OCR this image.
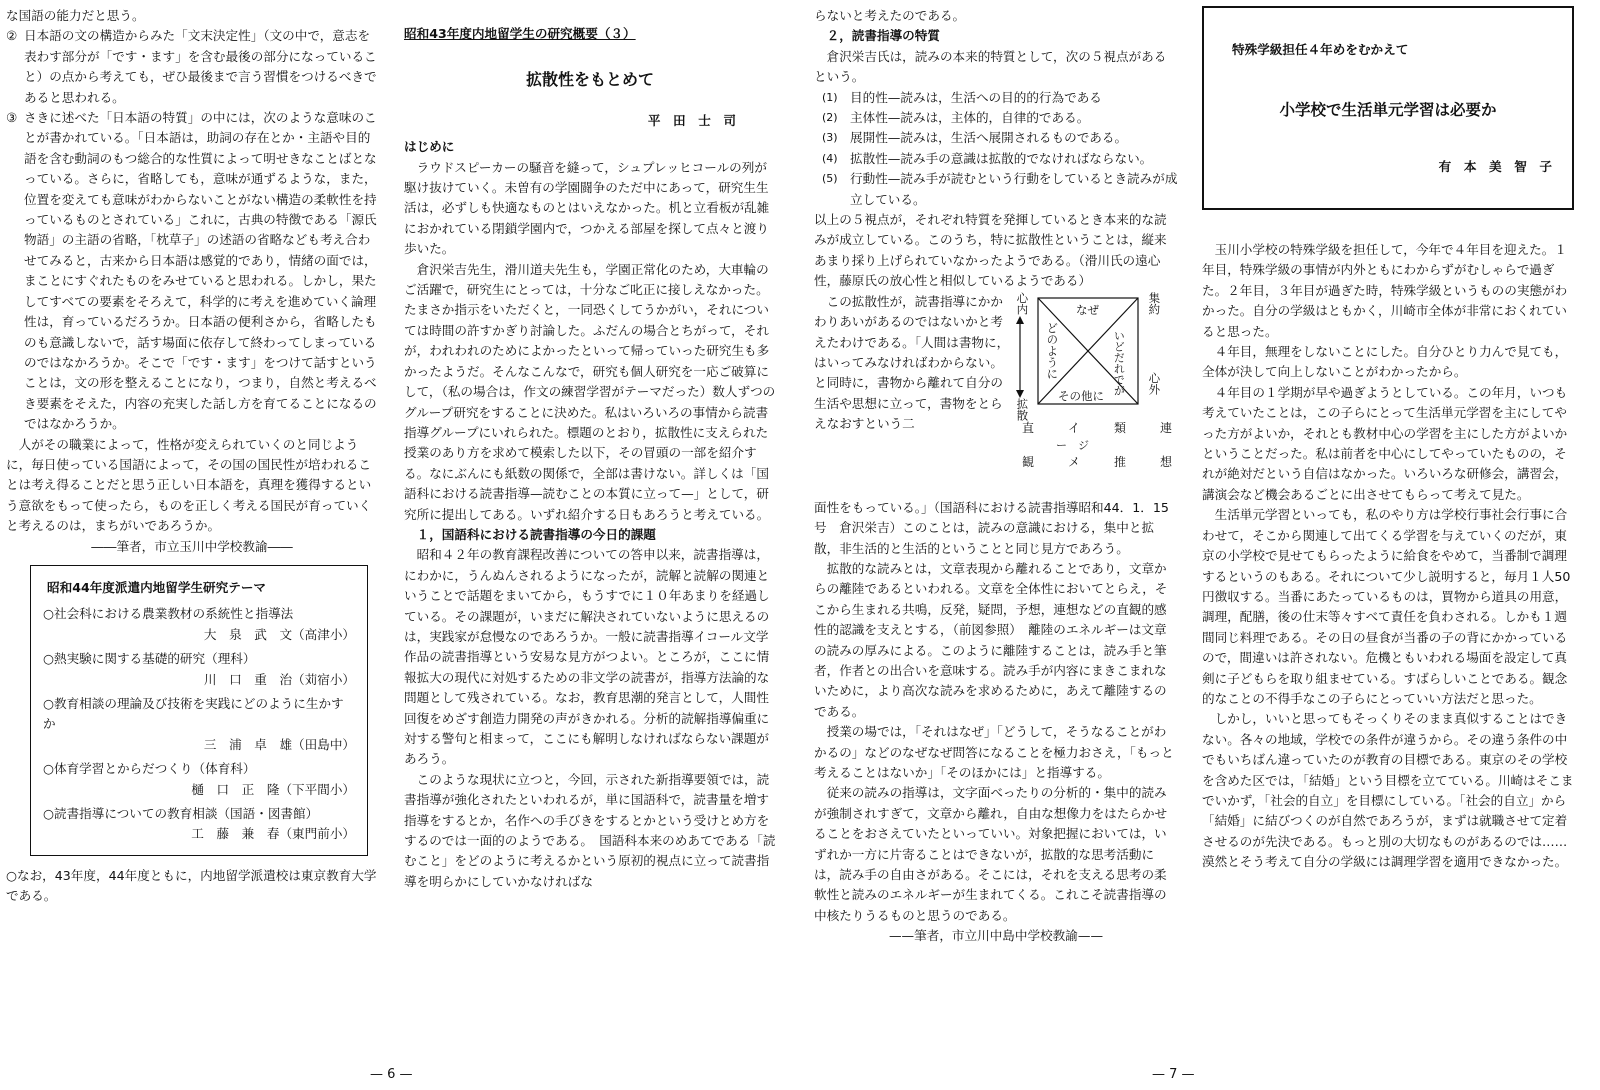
な国語の能力だと思う。

② 日本語の文の構造からみた「文末決定性」（文の中で，意志を表わす部分が「です・ます」を含む最後の部分になっていること）の点から考えても，ぜひ最後まで言う習慣をつけるべきであると思われる。
③ さきに述べた「日本語の特質」の中には，次のような意味のことが書かれている。「日本語は，助詞の存在とか・主語や目的語を含む動詞のもつ総合的な性質によって明せきなことばとなっている。さらに，省略しても，意味が通ずるような，また，位置を変えても意味がわからないことがない構造の柔軟性を持っているものとされている」これに，古典の特徴である「源氏物語」の主語の省略，「枕草子」の述語の省略なども考え合わせてみると，古来から日本語は感覚的であり，情緒の面では，まことにすぐれたものをみせていると思われる。しかし，果たしてすべての要素をそろえて，科学的に考えを進めていく論理性は，育っているだろうか。日本語の便利さから，省略したものも意識しないで，話す場面に依存して終わってしまっているのではなかろうか。そこで「です・ます」をつけて話すということは，文の形を整えることになり，つまり，自然と考えるべき要素をそえた，内容の充実した話し方を育てることになるのではなかろうか。

人がその職業によって，性格が変えられていくのと同じように，毎日使っている国語によって，その国の国民性が培われることは考え得ることだと思う正しい日本語を，真理を獲得するという意欲をもって使ったら，ものを正しく考える国民が育っていくと考えるのは，まちがいであろうか。

――筆者，市立玉川中学校教諭――

昭和44年度派遣内地留学生研究テーマ

○社会科における農業教材の系統性と指導法

大　泉　武　文（高津小）

○熱実験に関する基礎的研究（理科）

川　口　重　治（苅宿小）

○教育相談の理論及び技術を実践にどのように生かすか

三　浦　卓　雄（田島中）

○体育学習とからだつくり（体育科）

樋　口　正　隆（下平間小）

○読書指導についての教育相談（国語・図書館）

工　藤　兼　春（東門前小）

○なお，43年度，44年度ともに，内地留学派遣校は東京教育大学である。

昭和43年度内地留学生の研究概要（３）

拡散性をもとめて

平　田　士　司

はじめに

ラウドスピーカーの騒音を縫って，シュプレッヒコールの列が駆け抜けていく。未曽有の学園闘争のただ中にあって，研究生生活は，必ずしも快適なものとはいえなかった。机と立看板が乱雑におかれている閉鎖学園内で，つかえる部屋を探して点々と渡り歩いた。

倉沢栄吉先生，滑川道夫先生も，学園正常化のため，大車輪のご活躍で，研究生にとっては，十分なご叱正に接しえなかった。たまさか指示をいただくと，一同恐くしてうかがい，それについては時間の許すかぎり討論した。ふだんの場合とちがって，それが，われわれのためによかったといって帰っていった研究生も多かったようだ。そんなこんなで，研究も個人研究を一応ご破算にして，（私の場合は，作文の練習学習がテーマだった）数人ずつのグループ研究をすることに決めた。私はいろいろの事情から読書指導グループにいれられた。標題のとおり，拡散性に支えられた授業のあり方を求めて模索した以下，その冒頭の一部を紹介する。なにぶんにも紙数の関係で，全部は書けない。詳しくは「国語科における読書指導—読むことの本質に立って—」として，研究所に提出してある。いずれ紹介する日もあろうと考えている。

１，国語科における読書指導の今日的課題

昭和４２年の教育課程改善についての答申以来，読書指導は，にわかに，うんぬんされるようになったが，読解と読解の関連ということで話題をまいてから，もうすでに１０年あまりを経過している。その課題が，いまだに解決されていないように思えるのは，実践家が怠慢なのであろうか。一般に読書指導イコール文学作品の読書指導という安易な見方がつよい。ところが，ここに情報拡大の現代に対処するための非文学の読書が，指導方法論的な問題として残されている。なお，教育思潮的発言として，人間性回復をめざす創造力開発の声がきかれる。分析的読解指導偏重に対する警句と相まって，ここにも解明しなければならない課題があろう。

このような現状に立つと，今回，示された新指導要領では，読書指導が強化されたといわれるが，単に国語科で，読書量を増す指導をするとか，名作への手びきをするとかという受けとめ方をするのでは一面的のようである。　国語科本来のめあてである「読むこと」をどのように考えるかという原初的視点に立って読書指導を明らかにしていかなければな

— 6 —

らないと考えたのである。

２，読書指導の特質

倉沢栄吉氏は，読みの本来的特質として，次の５視点があるという。

(1) 目的性—読みは，生活への目的的行為である
(2) 主体性—読みは，主体的，自律的である。
(3) 展開性—読みは，生活へ展開されるものである。
(4) 拡散性—読み手の意識は拡散的でなければならない。
(5) 行動性—読み手が読むという行動をしているとき読みが成立している。

以上の５視点が，それぞれ特質を発揮しているとき本来的な読みが成立している。このうち，特に拡散性ということは，縦来あまり採り上げられていなかったようである。（滑川氏の遠心性，藤原氏の放心性と相似しているようである）

この拡散性が，読書指導にかかわりあいがあるのではないかと考えたわけである。「人間は書物に，はいってみなければわからない。と同時に，書物から離れて自分の生活や思想に立って，書物をとらえなおすという二

心内
拡散
どのように
なぜ
いどだれでが
その他に
集約
心外
直	イ	類	連
観	メ	推	想
ー　ジ

面性をもっている。」（国語科における読書指導昭和44．1．15号　倉沢栄吉）このことは，読みの意識における，集中と拡散，非生活的と生活的ということと同じ見方であろう。

拡散的な読みとは，文章表現から離れることであり，文章からの離陸であるといわれる。文章を全体性においてとらえ，そこから生まれる共鳴，反発，疑問，予想，連想などの直観的感性的認識を支えとする，（前図参照）　離陸のエネルギーは文章の読みの厚みによる。このように離陸することは，読み手と筆者，作者との出合いを意味する。読み手が内容にまきこまれないために，より高次な読みを求めるために，あえて離陸するのである。

授業の場では，「それはなぜ」「どうして，そうなることがわかるの」などのなぜなぜ問答になることを極力おさえ，「もっと考えることはないか」「そのほかには」と指導する。

従来の読みの指導は，文字面べったりの分析的・集中的読みが強制されすぎて，文章から離れ，自由な想像力をはたらかせることをおさえていたといっていい。対象把握においては，いずれか一方に片寄ることはできないが，拡散的な思考活動には，読み手の自由さがある。そこには，それを支える思考の柔軟性と読みのエネルギーが生まれてくる。これこそ読書指導の中核たりうるものと思うのである。

——筆者，市立川中島中学校教諭——

特殊学級担任４年めをむかえて

小学校で生活単元学習は必要か

有　本　美　智　子

玉川小学校の特殊学級を担任して，今年で４年目を迎えた。１年目，特殊学級の事情が内外ともにわからずがむしゃらで過ぎた。２年目，３年目が過ぎた時，特殊学級というものの実態がわかった。自分の学級はともかく，川崎市全体が非常におくれていると思った。

４年目，無理をしないことにした。自分ひとり力んで見ても，全体が決して向上しないことがわかったから。

４年目の１学期が早や過ぎようとしている。この年月，いつも考えていたことは，この子らにとって生活単元学習を主にしてやった方がよいか，それとも教材中心の学習を主にした方がよいかということだった。私は前者を中心にしてやっていたものの，それが絶対だという自信はなかった。いろいろな研修会，講習会，講演会など機会あるごとに出させてもらって考えて見た。

生活単元学習といっても，私のやり方は学校行事社会行事に合わせて，そこから関連して出てくる学習を与えていくのだが，東京の小学校で見せてもらったように給食をやめて，当番制で調理するというのもある。それについて少し説明すると，毎月１人50円徴収する。当番にあたっているものは，買物から道具の用意，調理，配膳，後の仕末等々すべて責任を負わされる。しかも１週間同じ料理である。その日の昼食が当番の子の背にかかっているので，間違いは許されない。危機ともいわれる場面を設定して真剣に子どもらを取り組ませている。すばらしいことである。観念的なことの不得手なこの子らにとっていい方法だと思った。

しかし，いいと思ってもそっくりそのまま真似することはできない。各々の地域，学校での条件が違うから。その違う条件の中でもいちばん違っていたのが教育の目標である。東京のその学校を含めた区では，「結婚」という目標を立てている。川崎はそこまでいかず，「社会的自立」を目標にしている。「社会的自立」から「結婚」に結びつくのが自然であろうが，まずは就職させて定着させるのが先決である。もっと別の大切なものがあるのでは……漠然とそう考えて自分の学級には調理学習を適用できなかった。

— 7 —
